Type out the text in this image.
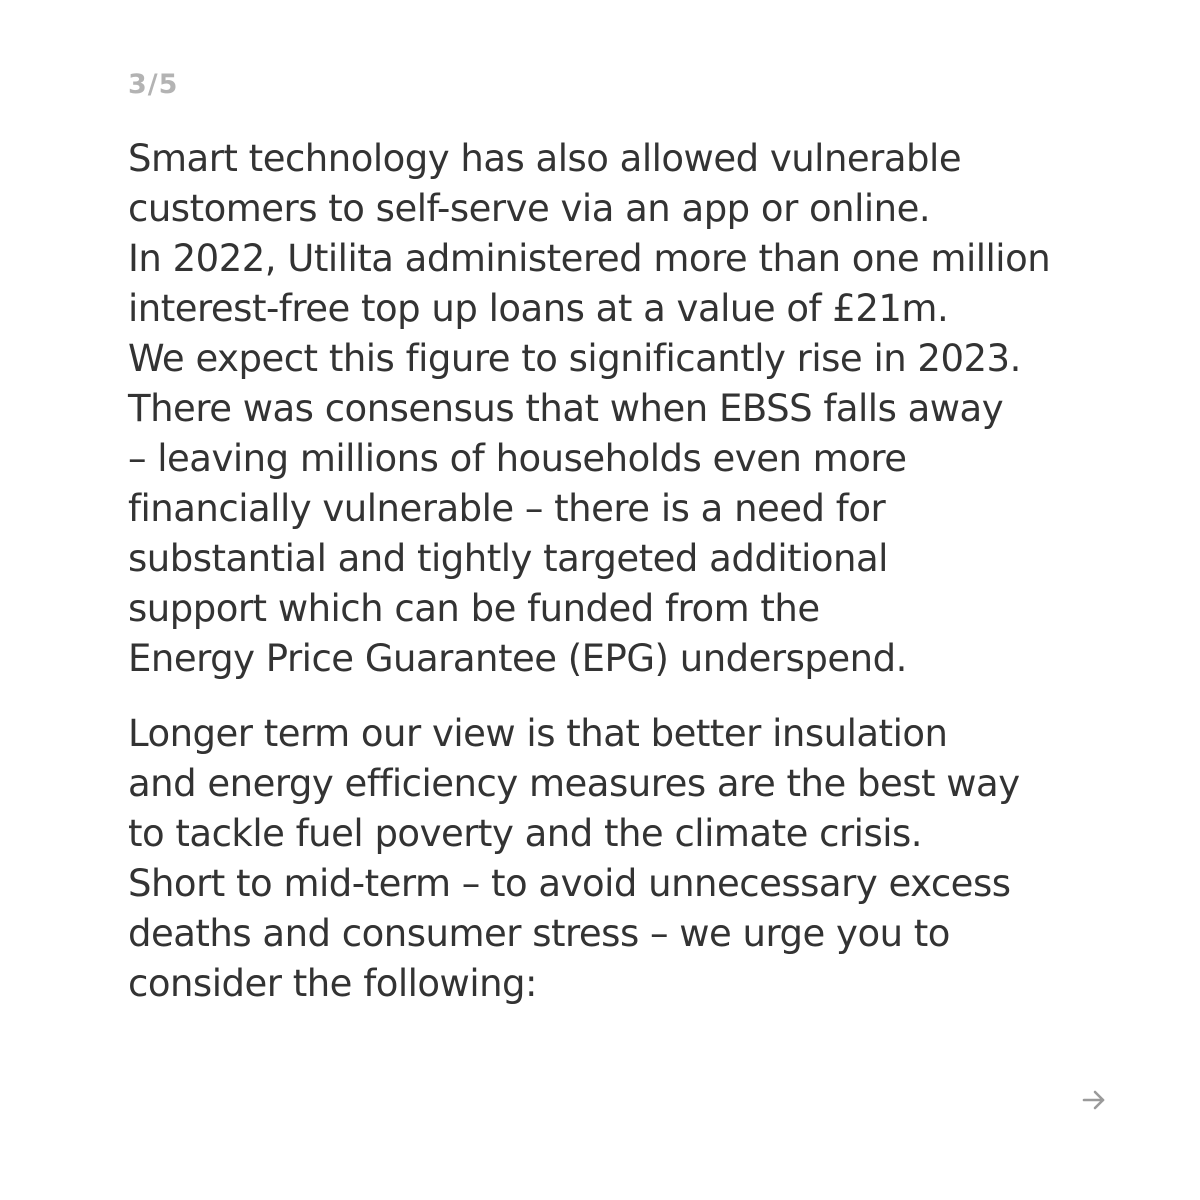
3/5
Smart technology has also allowed vulnerable
customers to self-serve via an app or online.
In 2022, Utilita administered more than one million
interest-free top up loans at a value of £21m.
We expect this figure to significantly rise in 2023.
There was consensus that when EBSS falls away
– leaving millions of households even more
financially vulnerable – there is a need for
substantial and tightly targeted additional
support which can be funded from the
Energy Price Guarantee (EPG) underspend.
Longer term our view is that better insulation
and energy efficiency measures are the best way
to tackle fuel poverty and the climate crisis.
Short to mid-term – to avoid unnecessary excess
deaths and consumer stress – we urge you to
consider the following:
